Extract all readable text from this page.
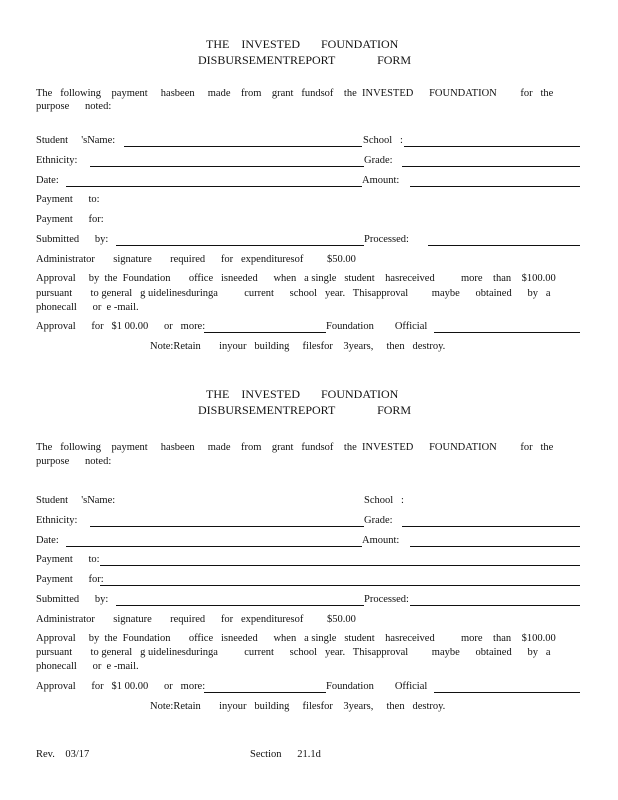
THE    INVESTED       FOUNDATION
DISBURSEMENTREPORT              FORM
The   following    payment     hasbeen     made    from    grant   fundsof    the  INVESTED      FOUNDATION         for   the
purpose      noted:
Student     'sName:	School   :
Ethnicity:	Grade:
Date:	Amount:
Payment      to:
Payment      for:
Submitted      by:	Processed:
Administrator       signature       required      for   expendituresof         $50.00
Approval     by  the  Foundation       office   isneeded      when   a single   student    hasreceived          more    than    $100.00
pursuant       to general   g uidelinesduringa          current      school   year.   Thisapproval         maybe      obtained      by   a
phonecall      or  e -mail.
Approval      for   $1 00.00      or   more:	Foundation        Official
Note:Retain       inyour   building     filesfor    3years,     then   destroy.
THE    INVESTED       FOUNDATION
DISBURSEMENTREPORT              FORM
The   following    payment     hasbeen     made    from    grant   fundsof    the  INVESTED      FOUNDATION         for   the
purpose      noted:
Student     'sName:	School   :
Ethnicity:	Grade:
Date:	Amount:
Payment      to:
Payment      for:
Submitted      by:	Processed:
Administrator       signature       required      for   expendituresof         $50.00
Approval     by  the  Foundation       office   isneeded      when   a single   student    hasreceived          more    than    $100.00
pursuant       to general   g uidelinesduringa          current      school   year.   Thisapproval         maybe      obtained      by   a
phonecall      or  e -mail.
Approval      for   $1 00.00      or   more:	Foundation        Official
Note:Retain       inyour   building     filesfor    3years,     then   destroy.
Rev.    03/17	Section      21.1d
